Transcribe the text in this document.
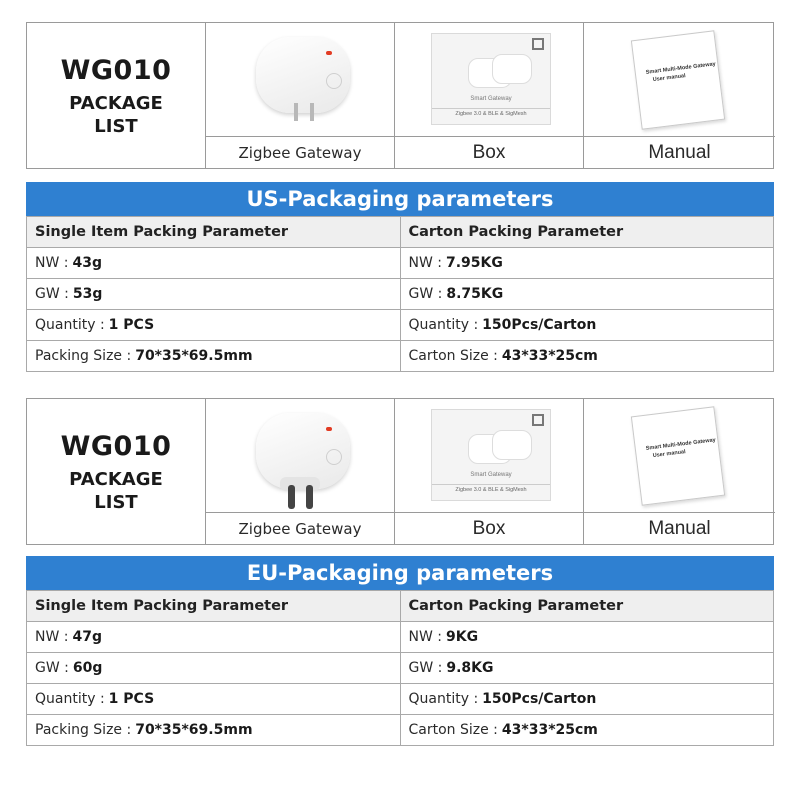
WG010
PACKAGE
LIST
Zigbee Gateway
Smart Gateway
Zigbee 3.0 & BLE & SigMesh
Box
Smart Multi-Mode Gateway
User manual
Manual
US-Packaging parameters
Single Item Packing Parameter	Carton Packing Parameter
NW : 43g	NW : 7.95KG
GW : 53g	GW : 8.75KG
Quantity : 1 PCS	Quantity : 150Pcs/Carton
Packing Size : 70*35*69.5mm	Carton Size : 43*33*25cm
WG010
PACKAGE
LIST
Zigbee Gateway
Smart Gateway
Zigbee 3.0 & BLE & SigMesh
Box
Smart Multi-Mode Gateway
User manual
Manual
EU-Packaging parameters
Single Item Packing Parameter	Carton Packing Parameter
NW : 47g	NW : 9KG
GW : 60g	GW : 9.8KG
Quantity : 1 PCS	Quantity : 150Pcs/Carton
Packing Size : 70*35*69.5mm	Carton Size : 43*33*25cm
